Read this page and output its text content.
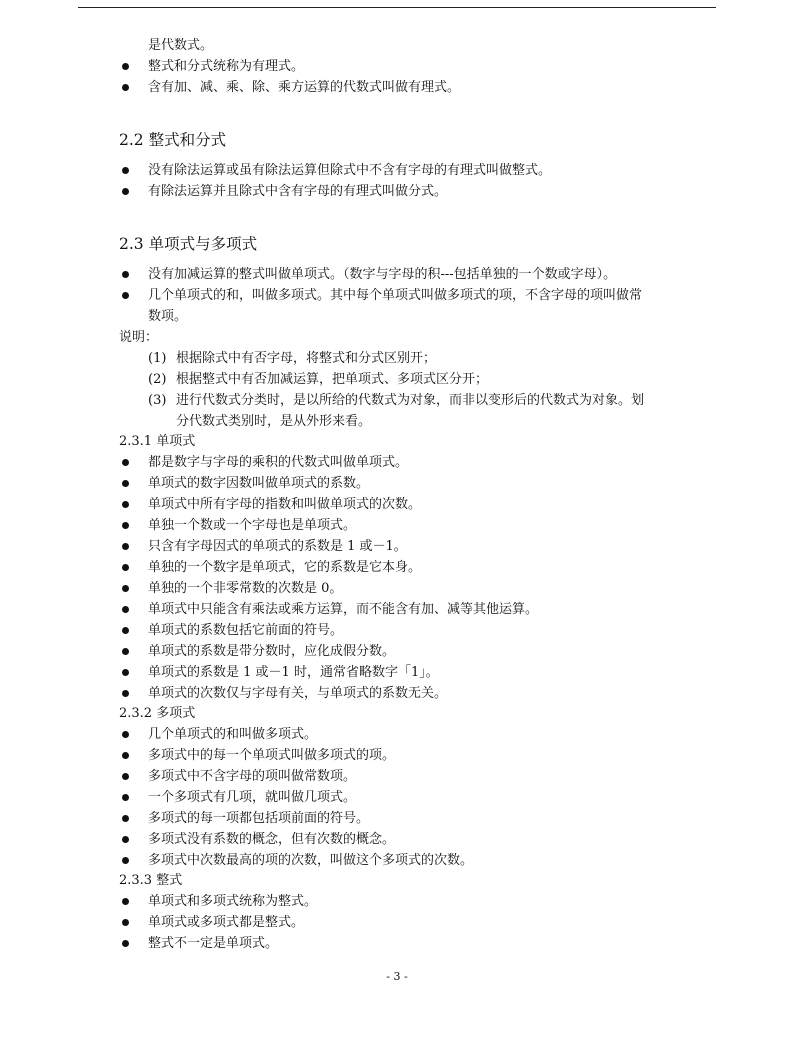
是代数式。
整式和分式统称为有理式。
含有加、减、乘、除、乘方运算的代数式叫做有理式。
2.2 整式和分式
没有除法运算或虽有除法运算但除式中不含有字母的有理式叫做整式。
有除法运算并且除式中含有字母的有理式叫做分式。
2.3 单项式与多项式
没有加减运算的整式叫做单项式。（数字与字母的积---包括单独的一个数或字母）。
几个单项式的和，叫做多项式。其中每个单项式叫做多项式的项，不含字母的项叫做常
数项。
说明：
(1) 根据除式中有否字母，将整式和分式区别开；
(2) 根据整式中有否加减运算，把单项式、多项式区分开；
(3) 进行代数式分类时，是以所给的代数式为对象，而非以变形后的代数式为对象。划
分代数式类别时，是从外形来看。
2.3.1 单项式
都是数字与字母的乘积的代数式叫做单项式。
单项式的数字因数叫做单项式的系数。
单项式中所有字母的指数和叫做单项式的次数。
单独一个数或一个字母也是单项式。
只含有字母因式的单项式的系数是 1 或－1。
单独的一个数字是单项式，它的系数是它本身。
单独的一个非零常数的次数是 0。
单项式中只能含有乘法或乘方运算，而不能含有加、减等其他运算。
单项式的系数包括它前面的符号。
单项式的系数是带分数时，应化成假分数。
单项式的系数是 1 或－1 时，通常省略数字「1」。
单项式的次数仅与字母有关，与单项式的系数无关。
2.3.2 多项式
几个单项式的和叫做多项式。
多项式中的每一个单项式叫做多项式的项。
多项式中不含字母的项叫做常数项。
一个多项式有几项，就叫做几项式。
多项式的每一项都包括项前面的符号。
多项式没有系数的概念，但有次数的概念。
多项式中次数最高的项的次数，叫做这个多项式的次数。
2.3.3 整式
单项式和多项式统称为整式。
单项式或多项式都是整式。
整式不一定是单项式。
- 3 -
